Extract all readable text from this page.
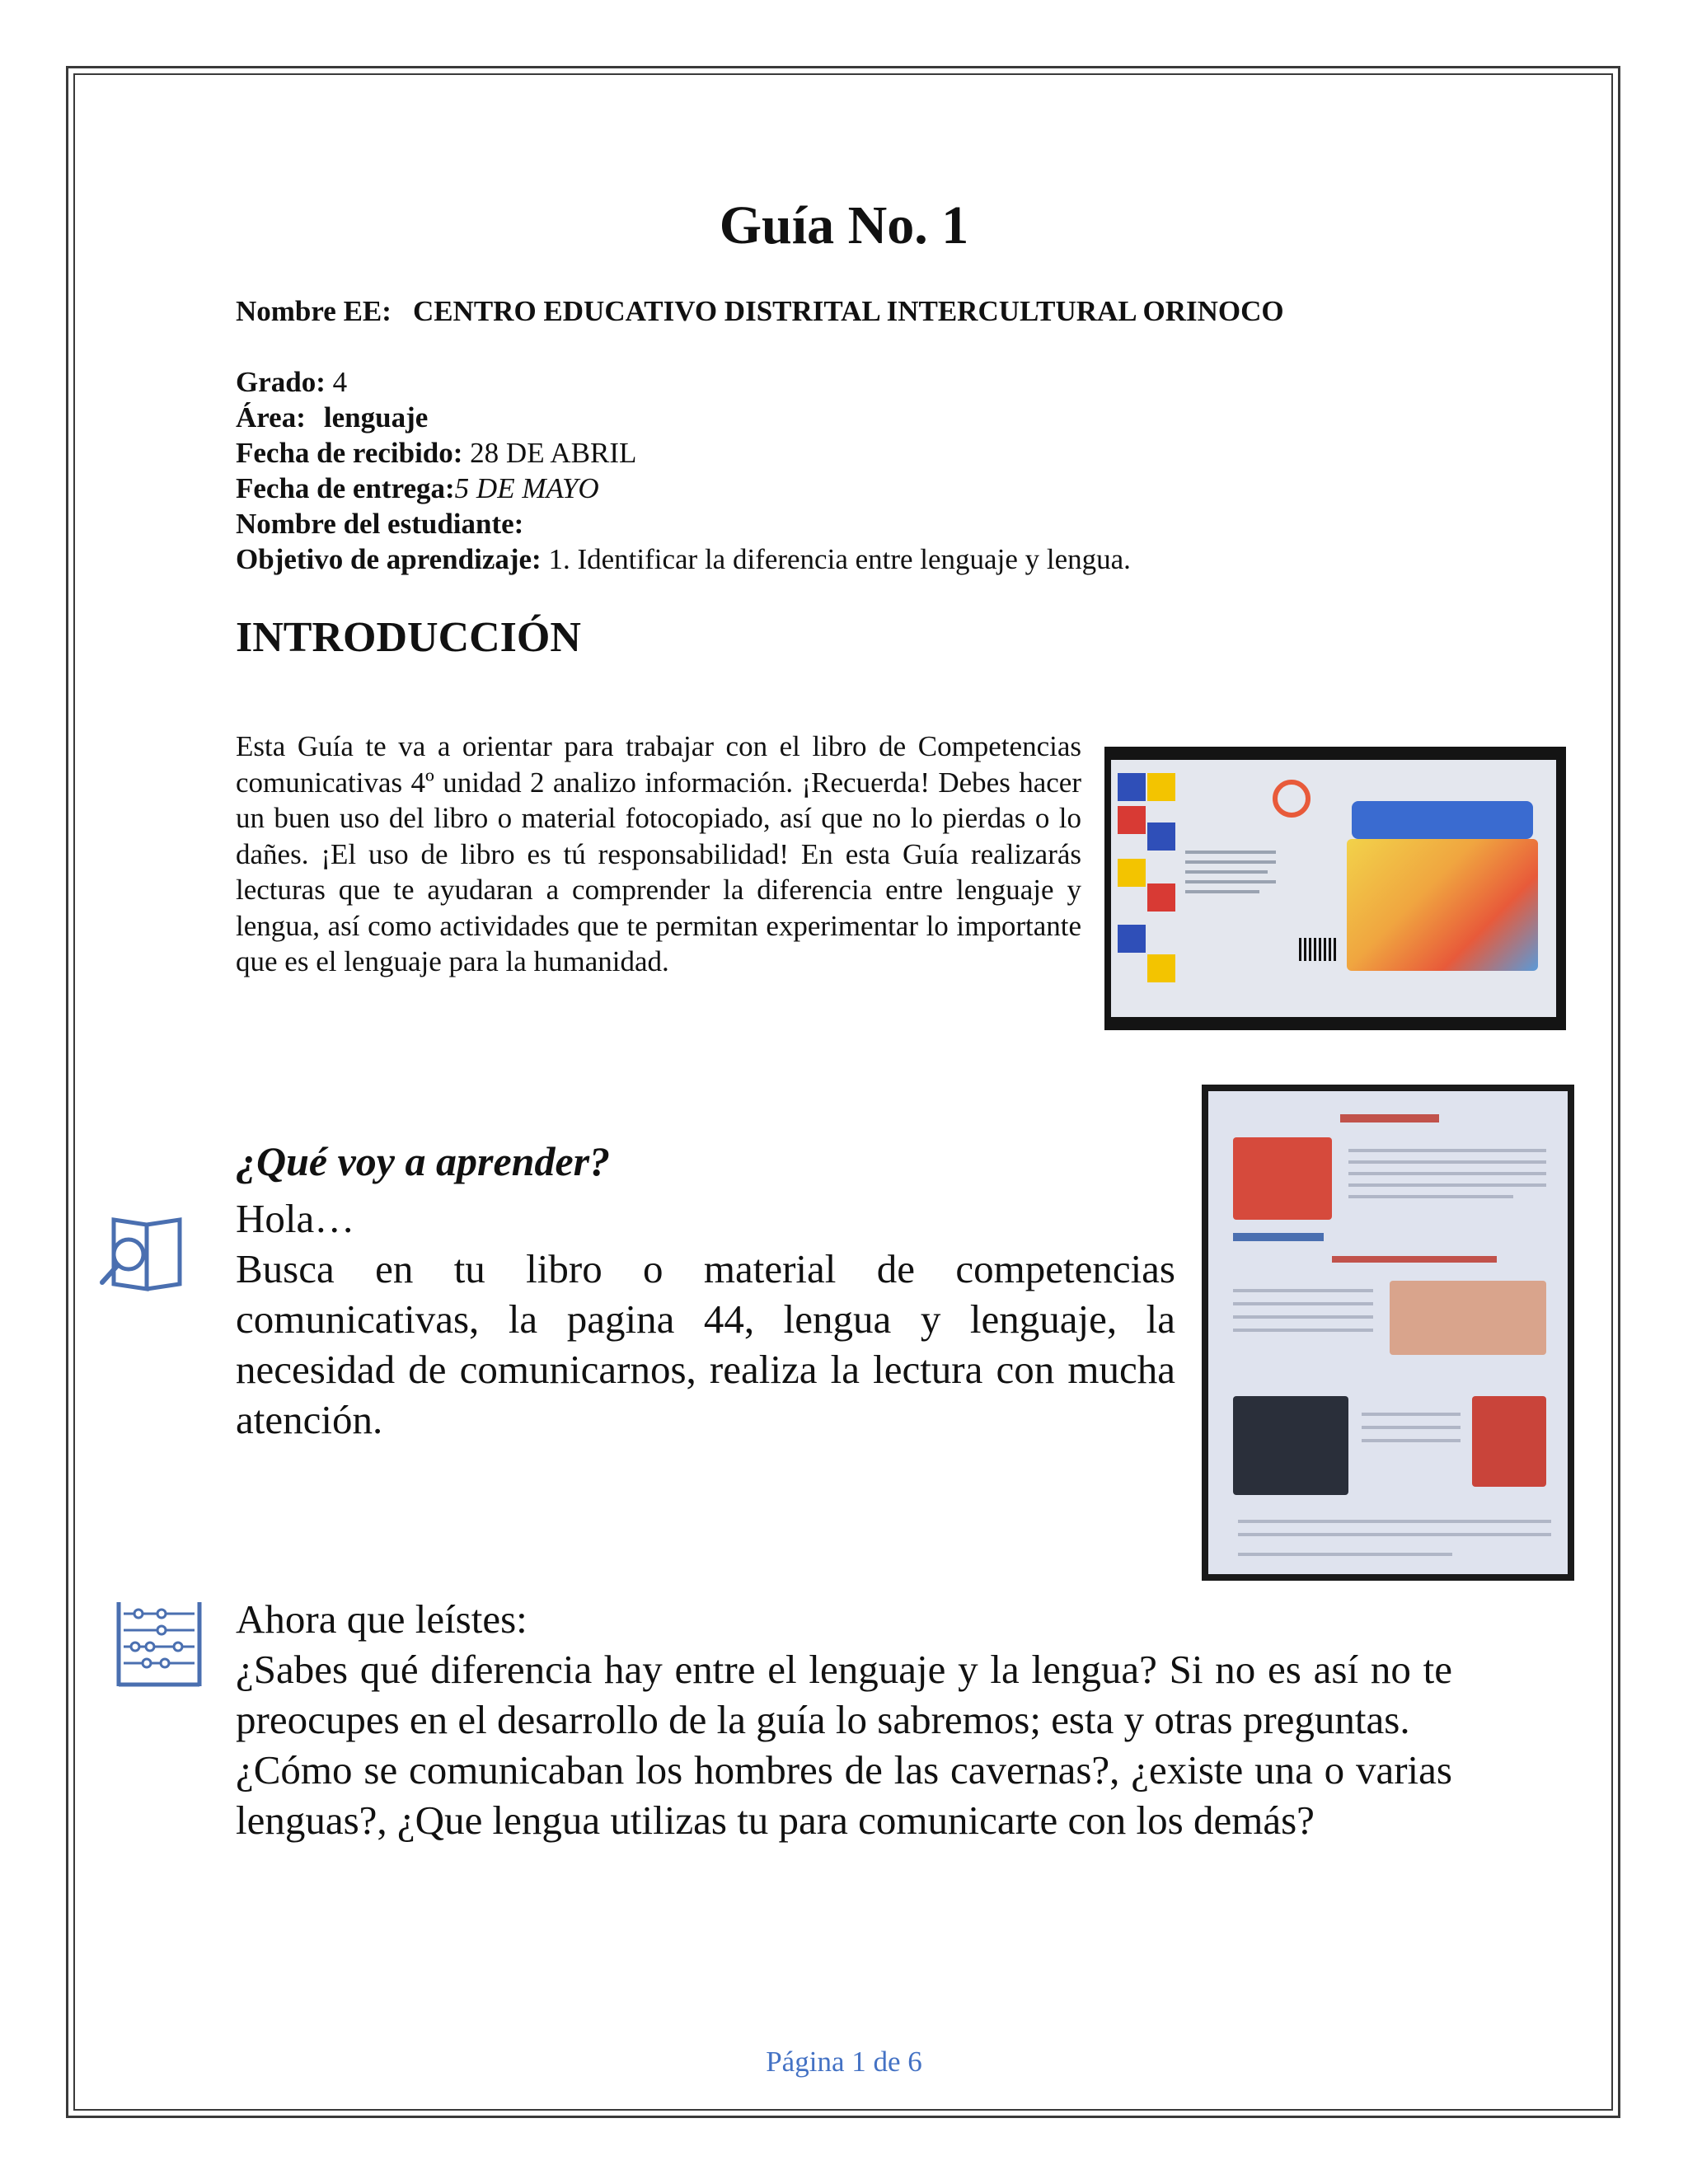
Guía No. 1
Nombre EE: CENTRO EDUCATIVO DISTRITAL INTERCULTURAL ORINOCO
Grado: 4
Área: lenguaje
Fecha de recibido: 28 DE ABRIL
Fecha de entrega:5 DE MAYO
Nombre del estudiante:
Objetivo de aprendizaje: 1. Identificar la diferencia entre lenguaje y lengua.
INTRODUCCIÓN
Esta Guía te va a orientar para trabajar con el libro de Competencias comunicativas 4º unidad 2 analizo información. ¡Recuerda! Debes hacer un buen uso del libro o material fotocopiado, así que no lo pierdas o lo dañes. ¡El uso de libro es tú responsabilidad! En esta Guía realizarás lecturas que te ayudaran a comprender la diferencia entre lenguaje y lengua, así como actividades que te permitan experimentar lo importante que es el lenguaje para la humanidad.
¿Qué voy a aprender?
Hola…
Busca en tu libro o material de competencias comunicativas, la pagina 44, lengua y lenguaje, la necesidad de comunicarnos, realiza la lectura con mucha atención.
Ahora que leístes:
¿Sabes qué diferencia hay entre el lenguaje y la lengua? Si no es así no te preocupes en el desarrollo de la guía lo sabremos; esta y otras preguntas.
¿Cómo se comunicaban los hombres de las cavernas?, ¿existe una o varias lenguas?, ¿Que lengua utilizas tu para comunicarte con los demás?
Página 1 de 6
